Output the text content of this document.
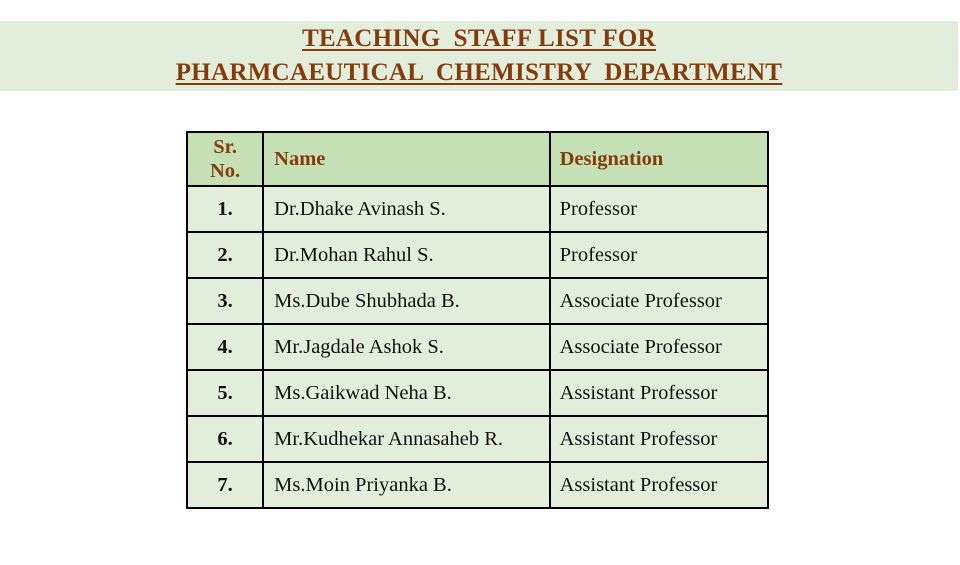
TEACHING  STAFF LIST FOR
PHARMCAEUTICAL  CHEMISTRY  DEPARTMENT
Sr.
No.	Name	Designation
1.	Dr.Dhake Avinash S.	Professor
2.	Dr.Mohan Rahul S.	Professor
3.	Ms.Dube Shubhada B.	Associate Professor
4.	Mr.Jagdale Ashok S.	Associate Professor
5.	Ms.Gaikwad Neha B.	Assistant Professor
6.	Mr.Kudhekar Annasaheb R.	Assistant Professor
7.	Ms.Moin Priyanka B.	Assistant Professor
